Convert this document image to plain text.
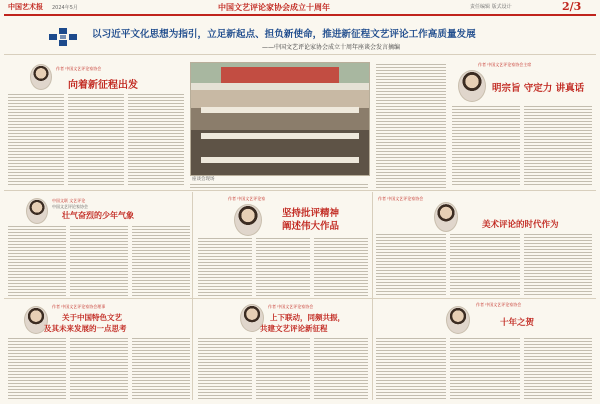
中国艺术报 2024年5月	中国文艺评论家协会成立十周年	责任编辑 版式设计	2/3
以习近平文化思想为指引，立足新起点、担负新使命，推进新征程文艺评论工作高质量发展
——中国文艺评论家协会成立十周年座谈会发言摘编
作者 中国文艺评论家协会
向着新征程出发
座谈会现场
作者 中国文艺评论家协会主席
明宗旨 守定力 讲真话
中国文联 文艺评论
中国文艺评论家协会
壮气奋烈的少年气象
作者 中国文艺评论家
坚持批评精神
阐述伟大作品
作者 中国文艺评论家协会
美术评论的时代作为
作者 中国文艺评论家协会理事
关于中国特色文艺
及其未来发展的一点思考
作者 中国文艺评论家协会
上下联动，同频共振，
共建文艺评论新征程
作者 中国文艺评论家协会
十年之贺
